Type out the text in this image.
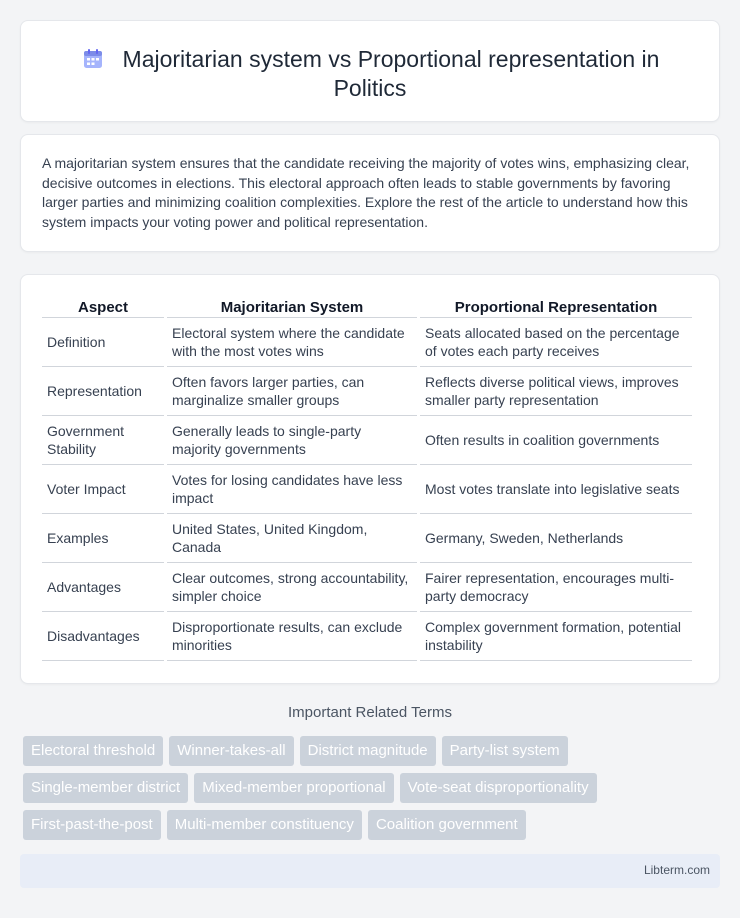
Majoritarian system vs Proportional representation in Politics

A majoritarian system ensures that the candidate receiving the majority of votes wins, emphasizing clear, decisive outcomes in elections. This electoral approach often leads to stable governments by favoring larger parties and minimizing coalition complexities. Explore the rest of the article to understand how this system impacts your voting power and political representation.

Aspect	Majoritarian System	Proportional Representation
Definition	Electoral system where the candidate with the most votes wins	Seats allocated based on the percentage of votes each party receives
Representation	Often favors larger parties, can marginalize smaller groups	Reflects diverse political views, improves smaller party representation
Government Stability	Generally leads to single-party majority governments	Often results in coalition governments
Voter Impact	Votes for losing candidates have less impact	Most votes translate into legislative seats
Examples	United States, United Kingdom, Canada	Germany, Sweden, Netherlands
Advantages	Clear outcomes, strong accountability, simpler choice	Fairer representation, encourages multi-party democracy
Disadvantages	Disproportionate results, can exclude minorities	Complex government formation, potential instability
Important Related Terms
Electoral threshold	Winner-takes-all	District magnitude	Party-list system
Single-member district	Mixed-member proportional	Vote-seat disproportionality
First-past-the-post	Multi-member constituency	Coalition government
Libterm.com
